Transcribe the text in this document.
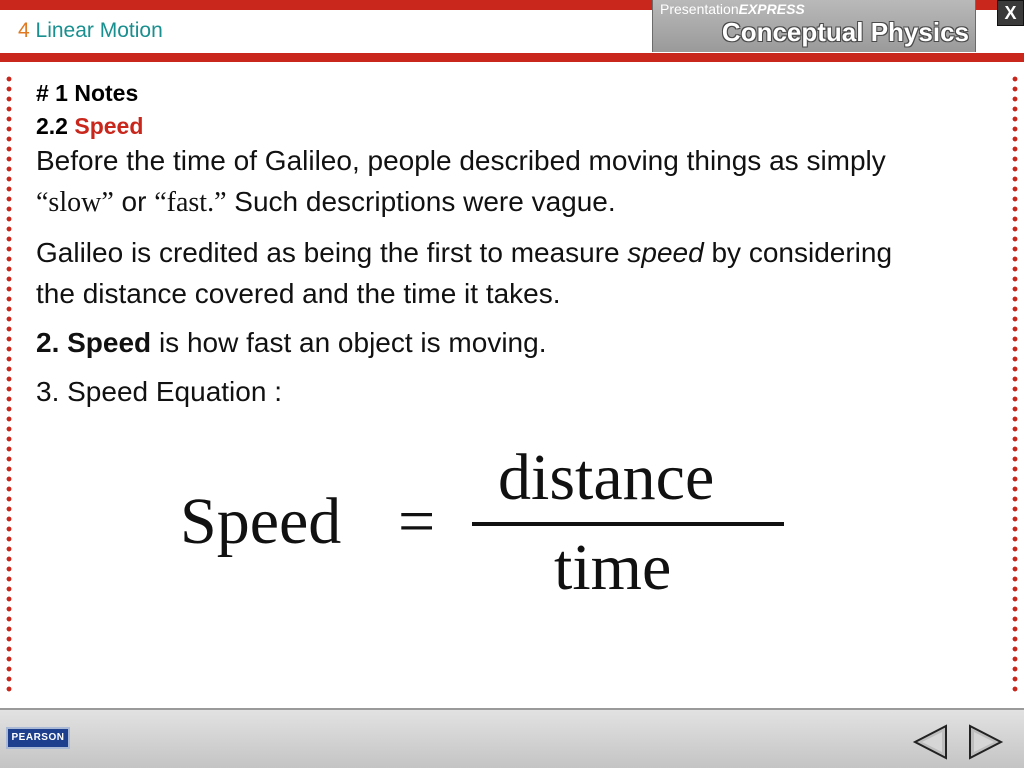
4 Linear Motion
PresentationEXPRESS
Conceptual Physics
X
# 1 Notes
2.2 Speed
Before the time of Galileo, people described moving things as simply “slow” or “fast.” Such descriptions were vague.
Galileo is credited as being the first to measure speed by considering the distance covered and the time it takes.
2. Speed is how fast an object is moving.
3. Speed Equation :
Speed =
distance
time
PEARSON
